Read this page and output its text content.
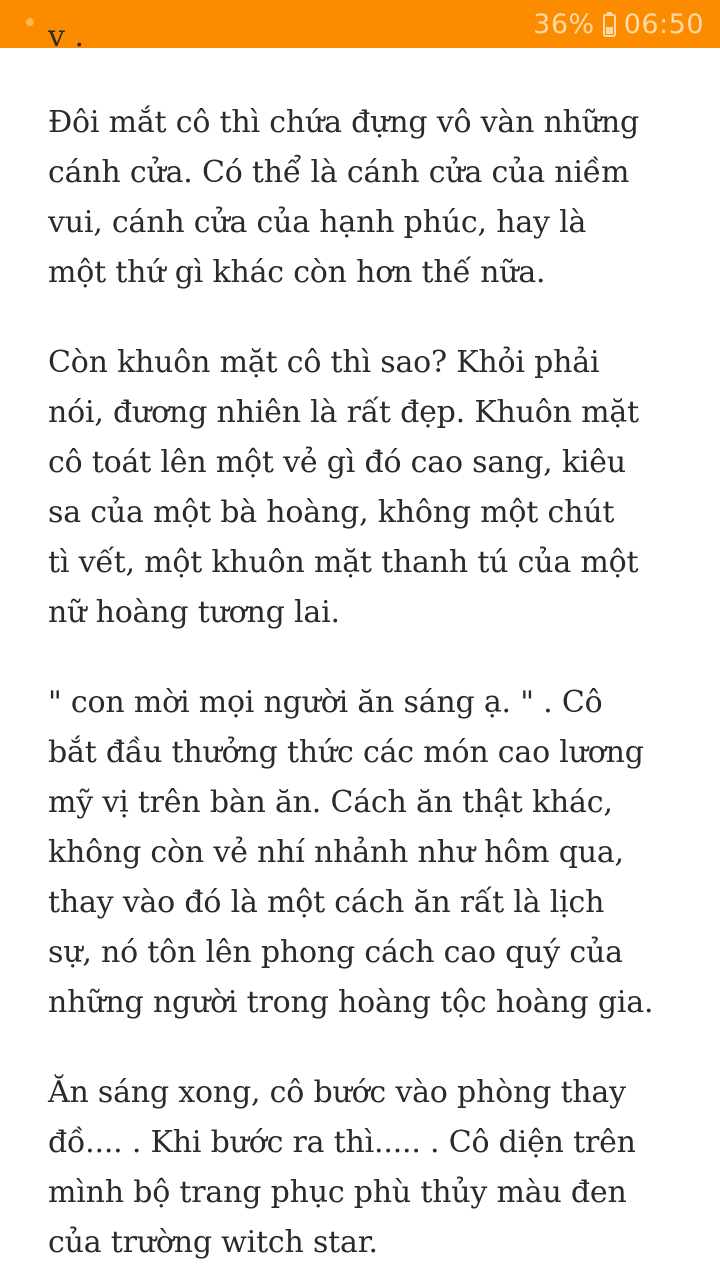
36% 06:50
v .

Đôi mắt cô thì chứa đựng vô vàn những
cánh cửa. Có thể là cánh cửa của niềm
vui, cánh cửa của hạnh phúc, hay là
một thứ gì khác còn hơn thế nữa.

Còn khuôn mặt cô thì sao? Khỏi phải
nói, đương nhiên là rất đẹp. Khuôn mặt
cô toát lên một vẻ gì đó cao sang, kiêu
sa của một bà hoàng, không một chút
tì vết, một khuôn mặt thanh tú của một
nữ hoàng tương lai.

" con mời mọi người ăn sáng ạ. " . Cô
bắt đầu thưởng thức các món cao lương
mỹ vị trên bàn ăn. Cách ăn thật khác,
không còn vẻ nhí nhảnh như hôm qua,
thay vào đó là một cách ăn rất là lịch
sự, nó tôn lên phong cách cao quý của
những người trong hoàng tộc hoàng gia.

Ăn sáng xong, cô bước vào phòng thay
đồ.... . Khi bước ra thì..... . Cô diện trên
mình bộ trang phục phù thủy màu đen
của trường witch star.
